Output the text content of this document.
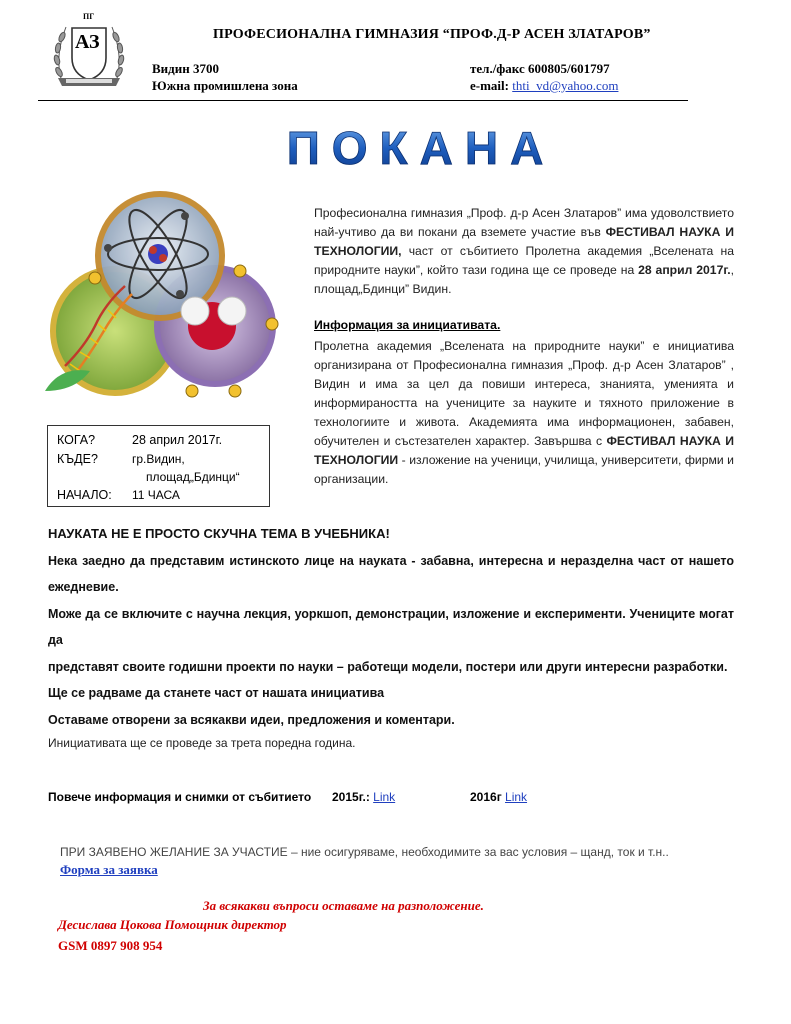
ПГ
АЗ	ПРОФЕСИОНАЛНА ГИМНАЗИЯ “ПРОФ.Д-Р АСЕН ЗЛАТАРОВ”
Видин 3700
Южна промишлена зона
тел./факс 600805/601797
e-mail: thti_vd@yahoo.com
ПОКАНА
Професионална гимназия „Проф. д-р Асен Златаров” има удоволствието най-учтиво да ви покани да вземете участие във ФЕСТИВАЛ НАУКА И ТЕХНОЛОГИИ, част от събитието Пролетна академия „Вселената на природните науки”, който тази година ще се проведе на 28 април 2017г., площад„Бдинци” Видин.
Информация за инициативата.
Пролетна академия „Вселената на природните науки” е инициатива организирана от Професионална гимназия „Проф. д-р Асен Златаров” , Видин и има за цел да повиши интереса, знанията, уменията и информираността на учениците за науките и тяхното приложение в технологиите и живота. Академията има информационен, забавен, обучителен и състезателен характер. Завършва с ФЕСТИВАЛ НАУКА И ТЕХНОЛОГИИ - изложение на ученици, училища, университети, фирми и организации.
КОГА?	28 април 2017г.
КЪДЕ?	гр.Видин,
площад„Бдинци“
НАЧАЛО: 11 ЧАСА
НАУКАТА НЕ Е ПРОСТО СКУЧНА ТЕМА В УЧЕБНИКА!
Нека заедно да представим истинското лице на науката - забавна, интересна и неразделна част от нашето
ежедневие.
Може да се включите с научна лекция, уоркшоп, демонстрации, изложение и експерименти. Учениците могат да
представят своите годишни проекти по науки – работещи модели, постери или други интересни разработки.
Ще се радваме да станете част от нашата инициатива
Оставаме отворени за всякакви идеи, предложения и коментари.
Инициативата ще се проведе за трета поредна година.
Повече информация и снимки от събитието 2015г.: Link	2016г Link
ПРИ ЗАЯВЕНО ЖЕЛАНИЕ ЗА УЧАСТИЕ – ние осигуряваме, необходимите за вас условия – щанд, ток и т.н..
Форма за заявка
За всякакви въпроси оставаме на разположение.
Десислава Цокова Помощник директор
GSM 0897 908 954
